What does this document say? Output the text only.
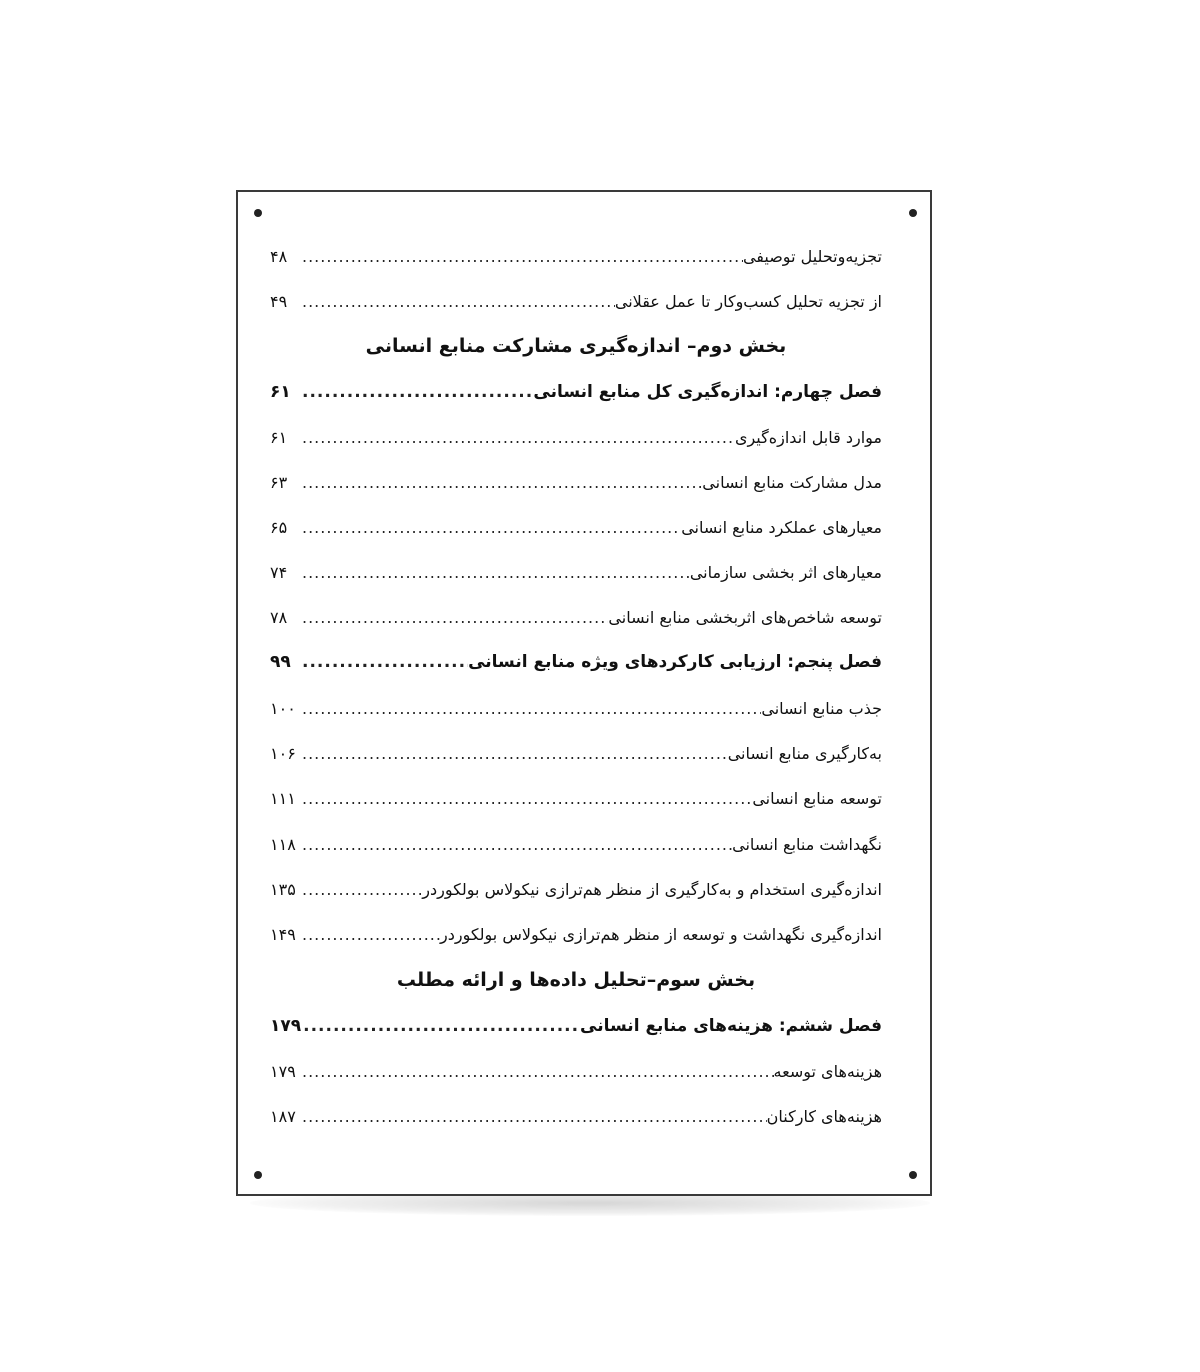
تجزیه‌وتحلیل توصیفی
.....
۴۸
از تجزیه تحلیل کسب‌وکار تا عمل عقلانی
.....
۴۹
بخش دوم– اندازه‌گیری مشارکت منابع انسانی
فصل چهارم: اندازه‌گیری کل منابع انسانی
.....
۶۱
موارد قابل اندازه‌گیری
.....
۶۱
مدل مشارکت منابع انسانی
.....
۶۳
معیارهای عملکرد منابع انسانی
.....
۶۵
معیارهای اثر بخشی سازمانی
.....
۷۴
توسعه شاخص‌های اثربخشی منابع انسانی
.....
۷۸
فصل پنجم: ارزیابی کارکردهای ویژه منابع انسانی
.....
۹۹
جذب منابع انسانی
.....
۱۰۰
به‌کارگیری منابع انسانی
.....
۱۰۶
توسعه منابع انسانی
.....
۱۱۱
نگهداشت منابع انسانی
.....
۱۱۸
اندازه‌گیری استخدام و به‌کارگیری از منظر هم‌ترازی نیکولاس بولکوردر
.....
۱۳۵
اندازه‌گیری نگهداشت و توسعه از منظر هم‌ترازی نیکولاس بولکوردر
.....
۱۴۹
بخش سوم–تحلیل داده‌ها و ارائه مطلب
فصل ششم: هزینه‌های منابع انسانی
.....
۱۷۹
هزینه‌های توسعه
.....
۱۷۹
هزینه‌های کارکنان
.....
۱۸۷
